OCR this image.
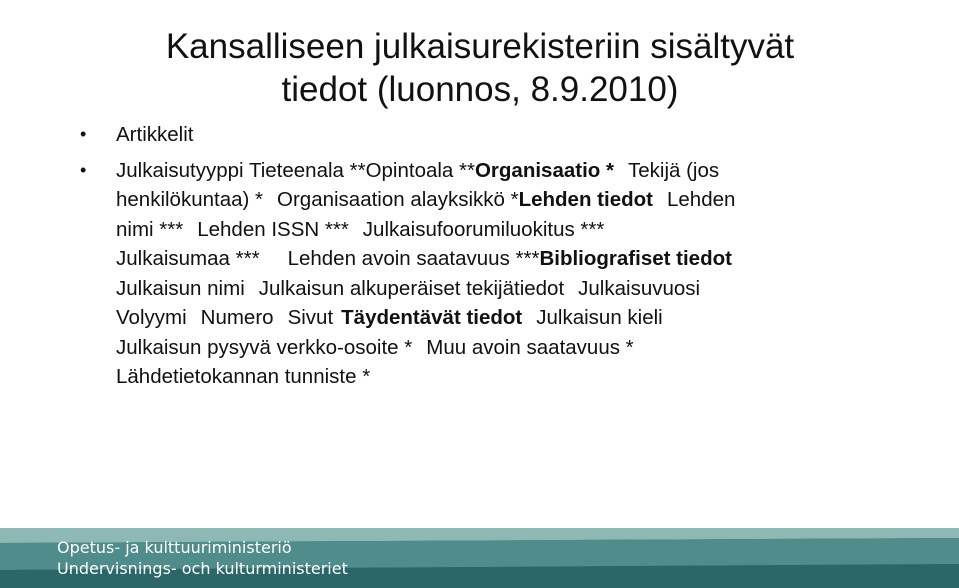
Kansalliseen julkaisurekisteriin sisältyvät
tiedot (luonnos, 8.9.2010)
• Artikkelit
• Julkaisutyyppi Tieteenala **Opintoala **Organisaatio * Tekijä (jos
henkilökuntaa) * Organisaation alayksikkö *Lehden tiedot Lehden
nimi *** Lehden ISSN *** Julkaisufoorumiluokitus ***
Julkaisumaa *** Lehden avoin saatavuus ***Bibliografiset tiedot
Julkaisun nimi Julkaisun alkuperäiset tekijätiedot Julkaisuvuosi
Volyymi Numero Sivut Täydentävät tiedot Julkaisun kieli
Julkaisun pysyvä verkko-osoite * Muu avoin saatavuus *
Lähdetietokannan tunniste *
Opetus- ja kulttuuriministeriö
Undervisnings- och kulturministeriet
